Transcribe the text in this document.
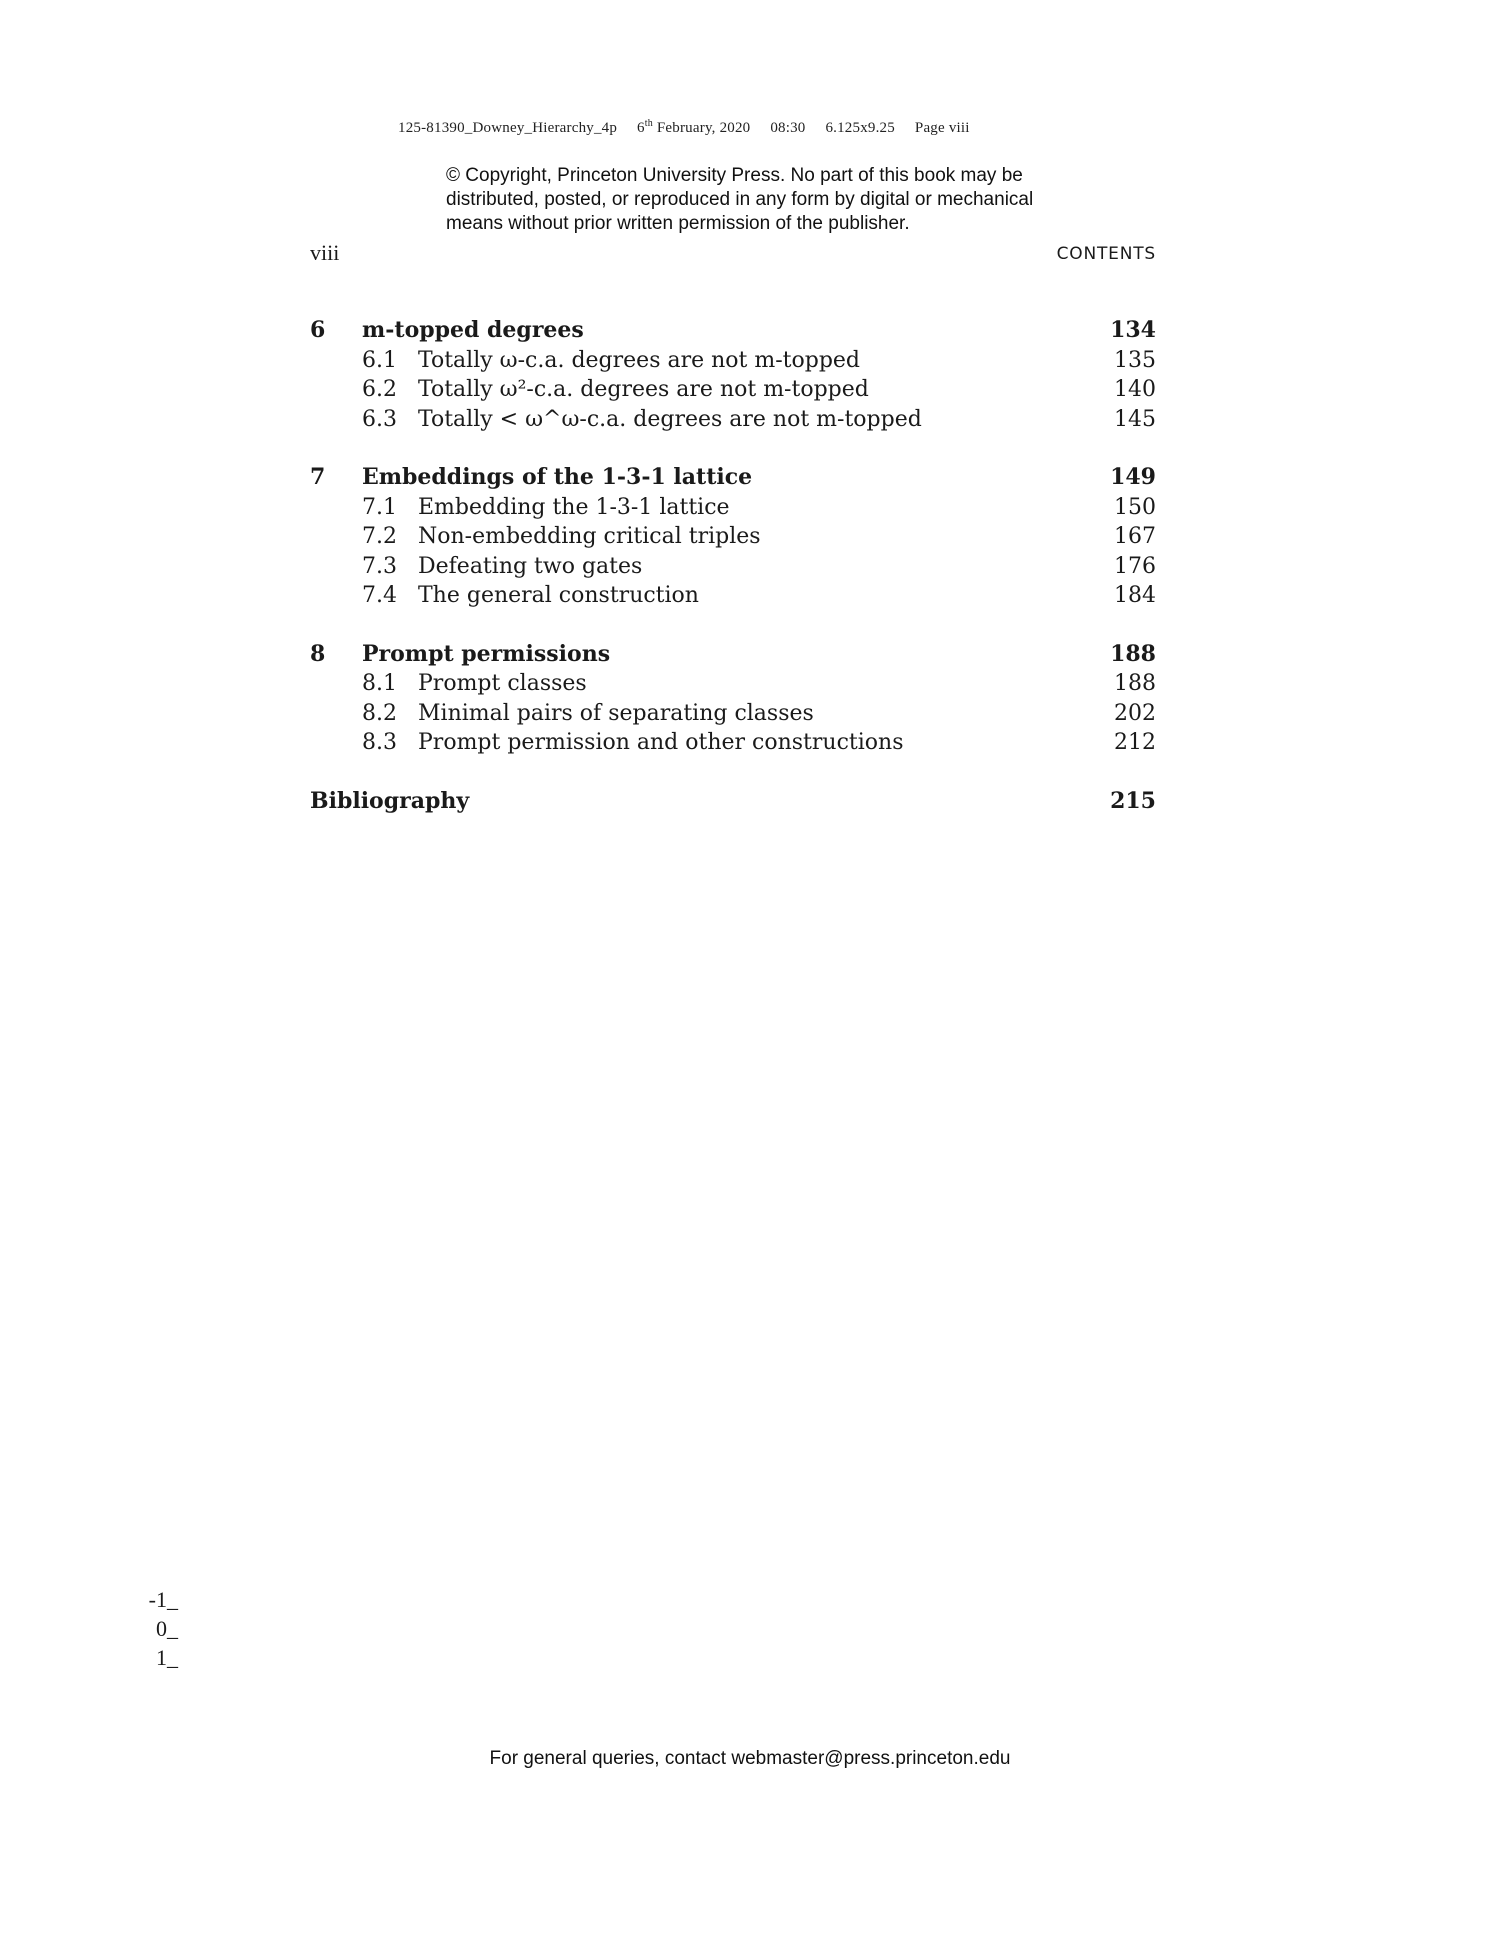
125-81390_Downey_Hierarchy_4p 6th February, 2020 08:30 6.125x9.25 Page viii
© Copyright, Princeton University Press. No part of this book may be distributed, posted, or reproduced in any form by digital or mechanical means without prior written permission of the publisher.
viii	CONTENTS
6 m-topped degrees	134
6.1 Totally ω-c.a. degrees are not m-topped	135
6.2 Totally ω²-c.a. degrees are not m-topped	140
6.3 Totally < ω^ω-c.a. degrees are not m-topped	145
7 Embeddings of the 1-3-1 lattice	149
7.1 Embedding the 1-3-1 lattice	150
7.2 Non-embedding critical triples	167
7.3 Defeating two gates	176
7.4 The general construction	184
8 Prompt permissions	188
8.1 Prompt classes	188
8.2 Minimal pairs of separating classes	202
8.3 Prompt permission and other constructions	212
Bibliography	215
-1_
0_
1_
For general queries, contact webmaster@press.princeton.edu
